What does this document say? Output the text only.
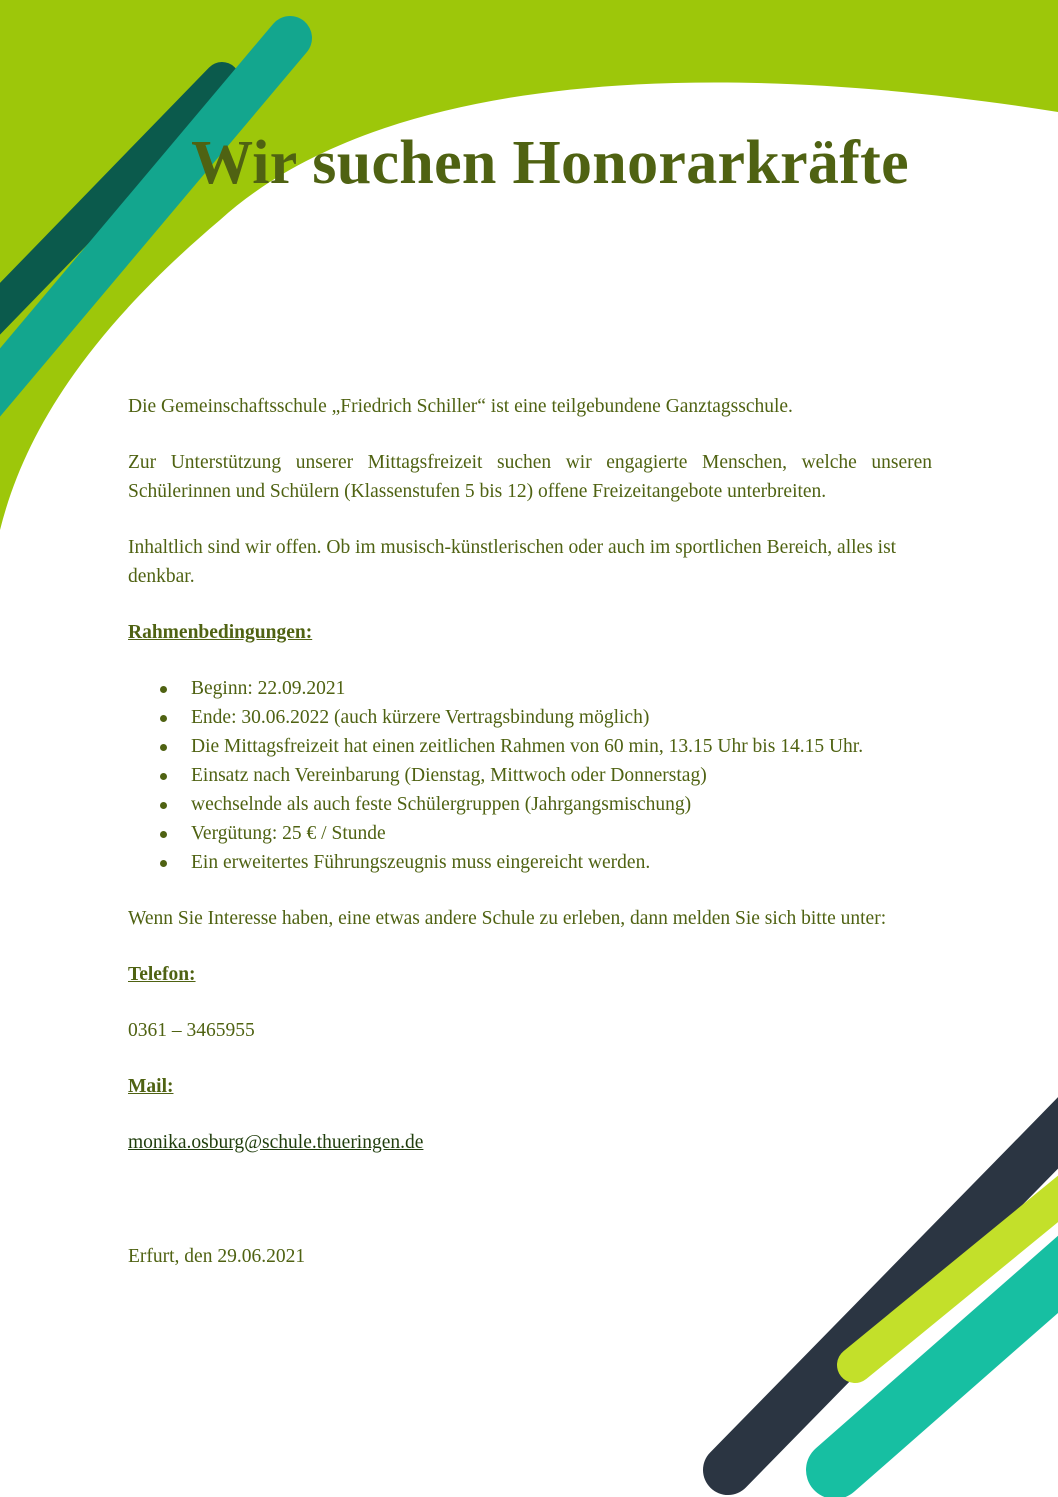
Wir suchen Honorarkräfte

Die Gemeinschaftsschule „Friedrich Schiller“ ist eine teilgebundene Ganztagsschule.

Zur Unterstützung unserer Mittagsfreizeit suchen wir engagierte Menschen, welche unseren Schülerinnen und Schülern (Klassenstufen 5 bis 12) offene Freizeitangebote unterbreiten.

Inhaltlich sind wir offen. Ob im musisch-künstlerischen oder auch im sportlichen Bereich, alles ist denkbar.

Rahmenbedingungen:

Beginn: 22.09.2021
Ende: 30.06.2022 (auch kürzere Vertragsbindung möglich)
Die Mittagsfreizeit hat einen zeitlichen Rahmen von 60 min, 13.15 Uhr bis 14.15 Uhr.
Einsatz nach Vereinbarung (Dienstag, Mittwoch oder Donnerstag)
wechselnde als auch feste Schülergruppen (Jahrgangsmischung)
Vergütung: 25 € / Stunde
Ein erweitertes Führungszeugnis muss eingereicht werden.

Wenn Sie Interesse haben, eine etwas andere Schule zu erleben, dann melden Sie sich bitte unter:

Telefon:

0361 – 3465955

Mail:

monika.osburg@schule.thueringen.de

Erfurt, den 29.06.2021
